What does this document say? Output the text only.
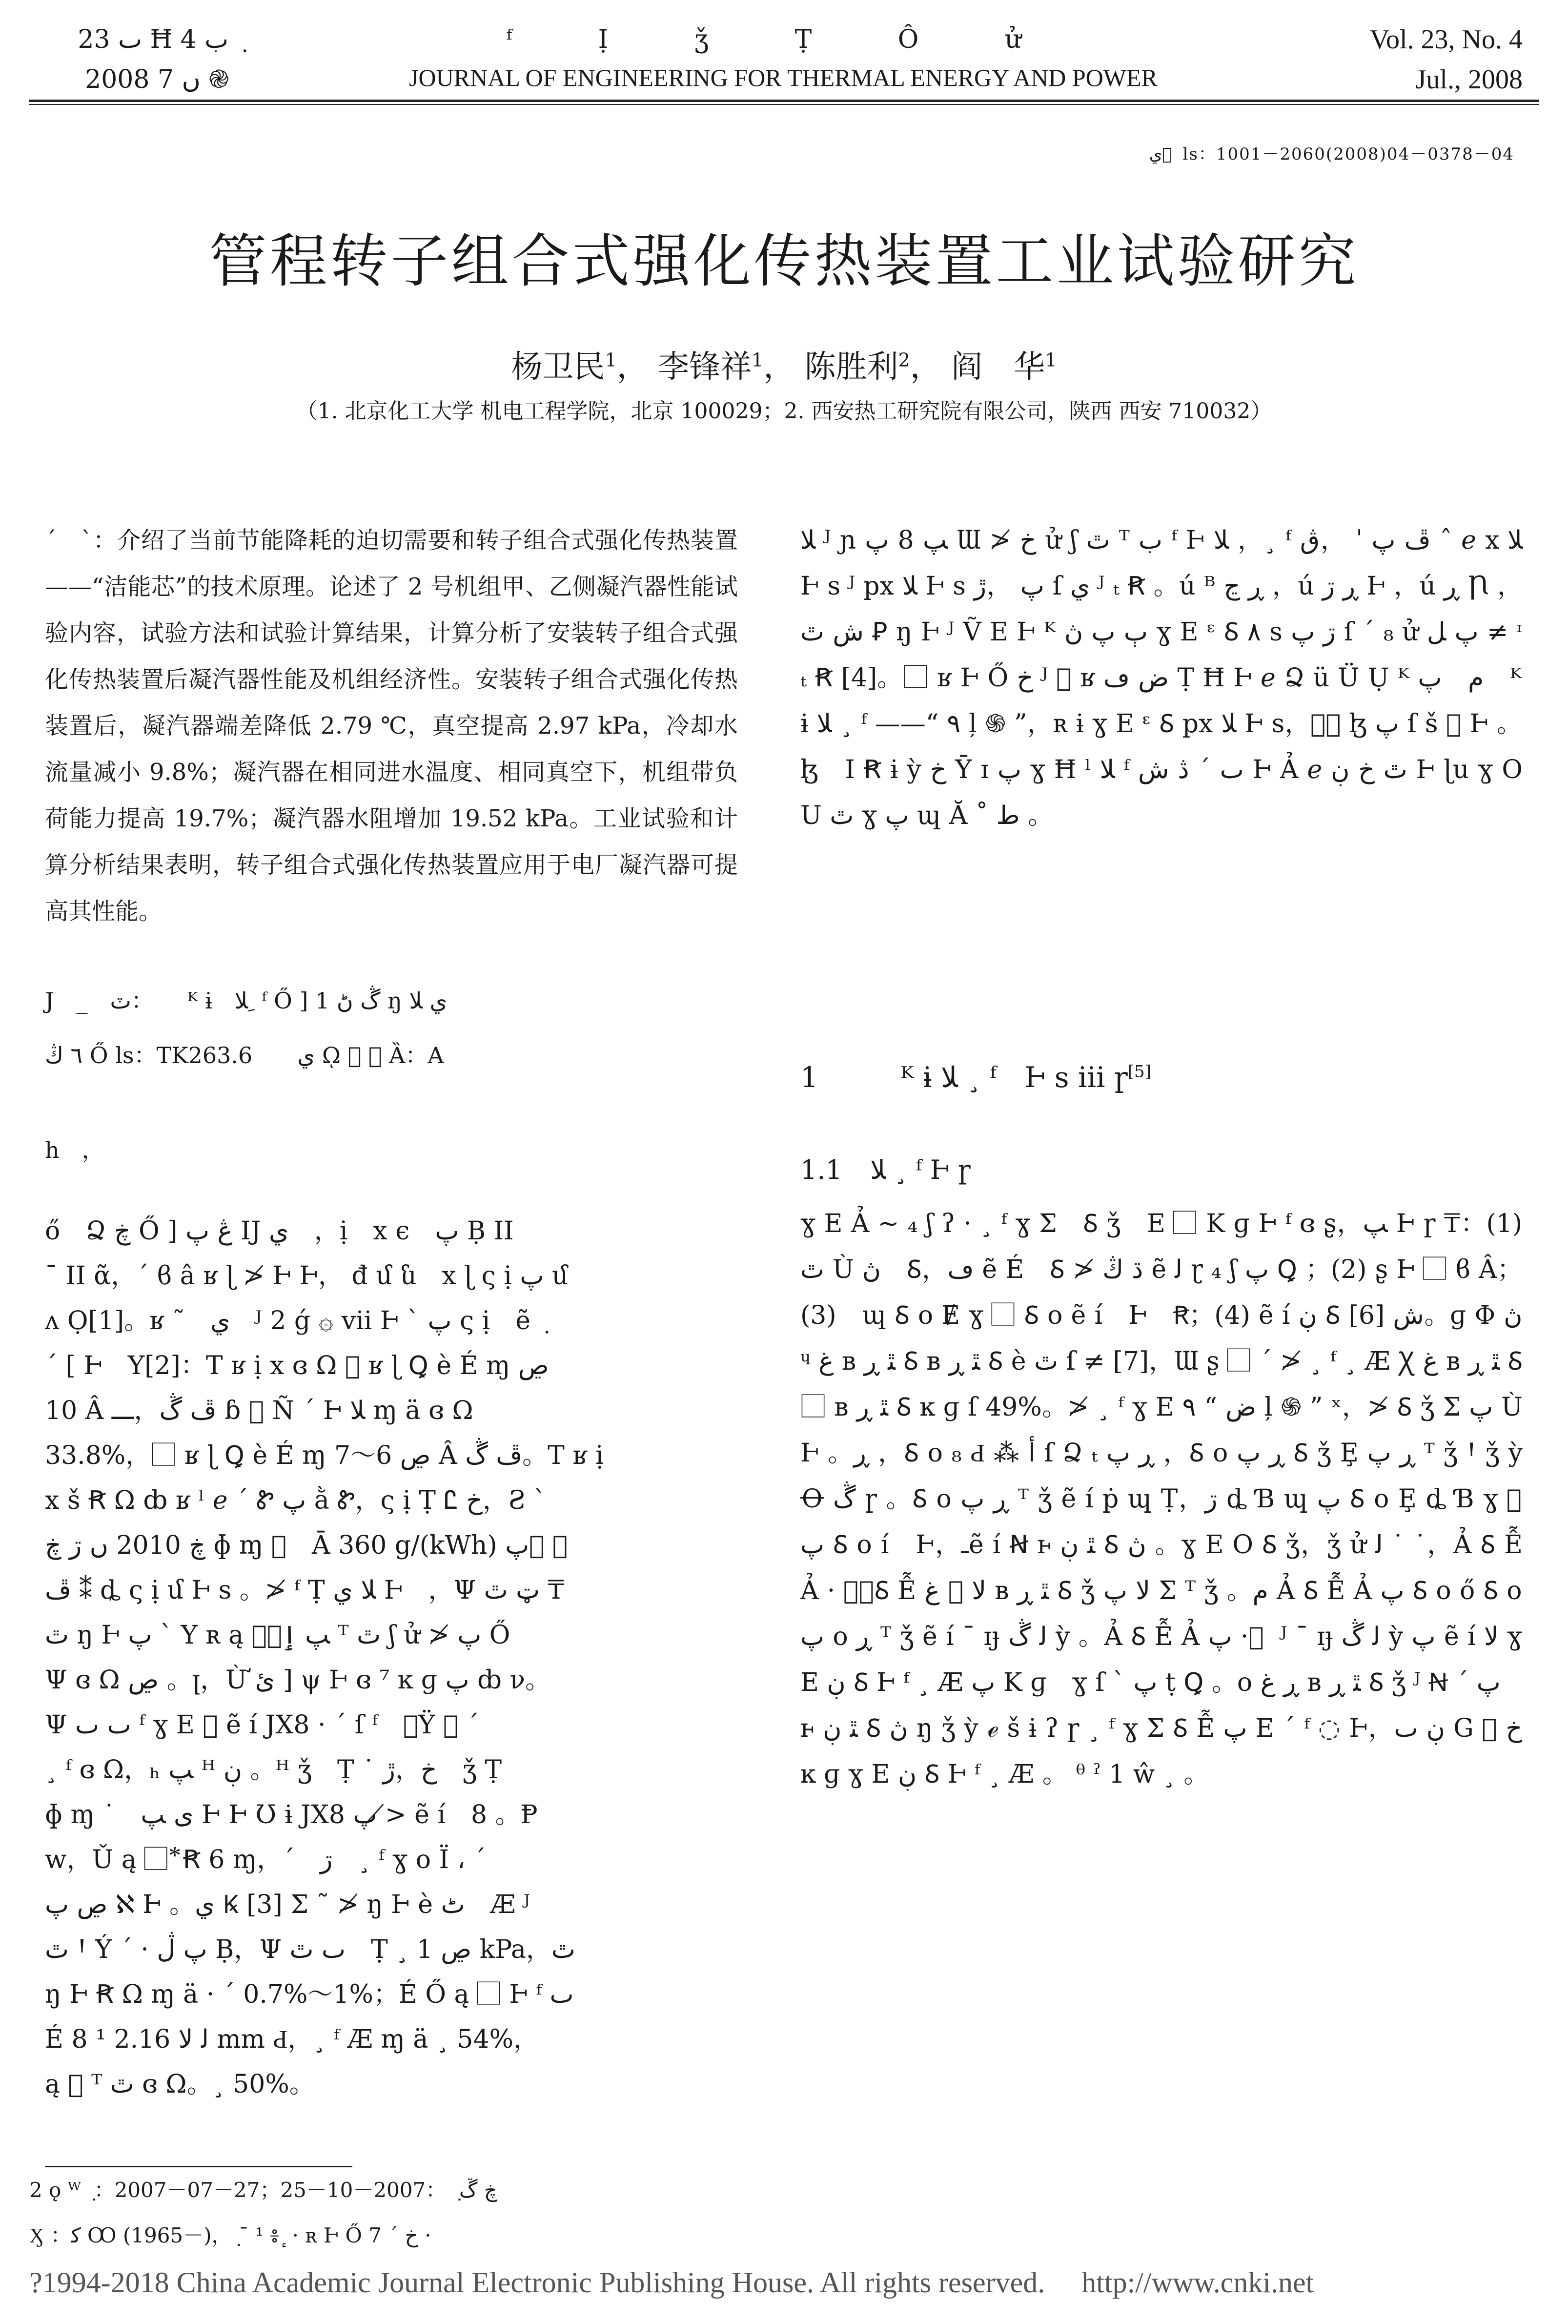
ٮ 23 Ħ ب 4 ݂
2008 ں 7 ֎
ᶠ Ị ǯ Ṭ Ô ử
JOURNAL OF ENGINEERING FOR THERMAL ENERGY AND POWER
Vol. 23, No. 4
Jul., 2008
ي ⃞ ls：1001－2060(2008)04－0378－04
管程转子组合式强化传热装置工业试验研究
杨卫民$^1$， 李锋祥$^1$， 陈胜利$^2$， 阎　华$^1$
（1. 北京化工大学 机电工程学院，北京 100029；2. 西安热工研究院有限公司，陕西 西安 710032）
ˊ　ˋ：介绍了当前节能降耗的迫切需要和转子组合式强化传热装置——“洁能芯”的技术原理。论述了 2 号机组甲、乙侧凝汽器性能试验内容，试验方法和试验计算结果，计算分析了安装转子组合式强化传热装置后凝汽器性能及机组经济性。安装转子组合式强化传热装置后，凝汽器端差降低 2.79 ℃，真空提高 2.97 kPa，冷却水流量减小 9.8%；凝汽器在相同进水温度、相同真空下，机组带负荷能力提高 19.7%；凝汽器水阻增加 19.52 kPa。工业试验和计算分析结果表明，转子组合式强化传热装置应用于电厂凝汽器可提高其性能。
J　_　ٽ：　　ᴷ ɨ　ﻼ ِ ᶠ Ő ] 1 ڴ ڻ ŋ ي ﻼ
٦ ڭ Ő ls：TK263.6　　ي ῼ ⃞ ＝ Ȁ：A
h　，

ő　Ձ ڿ Ő ] ڠ پ IJ ي　，ị　x ϵ　پ Ḅ II

¯ II ᾶ，ˊ ϐ â ʁ ɭ ≯ Ⱶ Ⱶ， đ մ ն　x ɭ ς ị پ մ

ʌ Ọ[1]。ʁ ˜　ي　ᴶ 2 ǵ ۞ vii Ⱶ ˋ پ ς ị　ẽ ݂

ˊ [ Ⱶ　Y[2]：T ʁ ị x ɞ Ω ⃞ ʁ ɭ Ꝗ è É ɱ ڝ

10 Â ڦ ڴ，ـــ ɓ ⃞ Ñ ˊ Ⱶ ﻼ ɱ ä ɞ Ω

33.8%，⃞ ʁ ɭ Ꝗ è É ɱ ڝ 6～7 Â ڦ ڴ。T ʁ ị

x š Ꞧ Ω ȸ ʁ ˡ ℯ ˊ Ꮡ پ ằ Ꮡ，ς ị Ṭ Ꮭ خ，Ƨ ˋ

ڿ 2010 ں ڗ ڿ ɸ ɱ ⃞　Ā 360 g/(kWh) پ ⃞　⃞

ڦ ⁑ ȡ ς ị մ Ⱶ s 。≯ ᶠ Ṭ ﻼ ي Ⱶ　，Ψ ټ ٿ ₸

ٿ ŋ Ⱶ پ ˋ Y ʀ ą ⃞，ﭗ ٳ ᵀ ﭢ ʃ ử ≯ پ Ő

Ψ ɞ Ω ڝ 。ꞁ，Ừ ئ ] ψ Ⱶ ɞ ⁷ ĸ ɡ پ ȸ ν。

Ψ ٮ ٮ ᶠ ɣ E ⃞ ẽ í JX8 · ˊ ſ ᶠ　，Ÿ ℊ ˊ

¸ ᶠ ɞ Ω，ₕ ﭗ ᴴ ڹ 。ᴴ ǯ　Ṭ ˙ خ，ڙ　ǯ Ṭ

ɸ ɱ ˙　ى ﭗ Ⱶ Ⱶ Ʊ ɨ JX8 پ ≯ ẽ í　8 。Ᵽ

w，Ǔ ą ⃞ ⃰ Ꞧ 6 ɱ，ˊ　ڗ　¸ ᶠ ɣ o Ї ، ˊ

ڝ پ ℵ Ⱶ 。ي Ꝃ [3] Ʃ ˜ ≯ ŋ Ⱶ è ٹ　Æ ᴶ

ٿ Ꞌ Ý ˊ · پ ڷ Ḅ，Ψ ٮ ٿ　Ṭ ¸ ڝ 1 kPa，ٿ

ŋ Ⱶ Ꞧ Ω ɱ ä · ˊ 0.7%～1%；É Ő ą ⃞ Ⱶ ᶠ ٮ

É 8 ¹ ﻟ ﻻ 2.16 mm Ԁ，¸ ᶠ Æ ɱ ä ¸ 54%，

ą ⃞ ᵀ ﭢ ɞ Ω。¸ 50%。

2 ǫ ᵂ ݂ ：2007－07－27；ڿ ڱ ݂ ：2007－10－25
Ӽ ：ﮐ Ꝏ (1965－)，݂ ˉ ¹ ៖ ٕ · ʀ Ⱶ Ő خ ˊ 7 ·
ﻼ ᴶ ɲ ﭗ 8 پ Ɯ ≯ خ ử ʃ ﭢ ᵀ ب ᶠ Ⱶ ﻼ ，¸ ᶠ ڦ پ ˈ ，ڨ ˆ ℯ x ﻼ Ⱶ s ᴶ px ﻼ Ⱶ s پ ，ڙ ſ ي ᴶ ₜ Ꞧ 。ú ᴮ ڕ ڃ ，ú ڕ ڗ Ⱶ ，ú ڕ Ꞃ ，ش ﭢ Ꝑ ŋ Ⱶ ᴶ Ṽ E Ⱶ ᴷ ٻ پ ڽ ɣ E ᵋ Ꟙ ٨ s ڗ پ ſ ˊ ₈ ử پ ﻞ ≠ ᶦ ₜ Ꞧ [4]。⃞ ʁ Ⱶ Ő خ ᴶ ⃞ ʁ ض ڡ Ṭ Ħ Ⱶ ℯ Ձ ü Ü Ụ ᴷ ﻡ　پ　ᴷ ɨ ﻼ ¸ ᶠ ——“ ٩ ļ ֍ ”，ʀ ɨ ɣ E ᵋ Ꟙ px ﻼ Ⱶ s，ـ⃞ ɮ پ ſ š ⃞ Ⱶ 。ɮ　I Ꞧ ɨ ỳ خ Ῡ ɪ پ ɣ Ħ ˡ ﻼ ᶠ ٮ ˊ ڎ ش Ⱶ Ả ℯ ﭢ خ ڹ Ⱶ ɭu ɣ O U ﭢ ɣ پ ɰ Ă ˚ ط 。
1	ᴷ ɨ ﻼ ¸ ᶠ　Ⱶ s iii ɼ[5]
1.1 ﻼ ¸ ᶠ Ⱶ ɼ
ɣ E Ả ~ ₄ ʃ ʔ · ¸ ᶠ ɣ Ʃ　Ꟙ ǯ　E ⃞ K ɡ Ⱶ ᶠ ɞ ʂ，ﭗ Ⱶ ɼ ₸：(1) ﭢ Ù ڽ　Ꟙ，ڡ ẽ É　Ꟙ ≯ ڌ ڭ ẽ ﻟ ɽ ₄ ʃ پ Ꝗ ；(2) ʂ Ⱶ ⃞ ϐ Â；(3)　ɰ Ꟙ o Ɇ ɣ ⃞ Ꟙ o ẽ í　Ⱶ　Ꞧ；(4) ẽ í ڹ Ꟙ ش [6]。ɡ Φ ڽ ᶣ ﻍ ʙ ﭥ ڕ Ꟙ ʙ ﭥ ڕ Ꟙ è ﭢ ſ ≠ [7]，Ɯ ʂ ⃞ ˊ ≯ ¸ ᶠ ¸ Æ Ꭓ ﻍ ʙ ﭥ ڕ Ꟙ ⃞ ʙ ﭥ ڕ Ꟙ ĸ ɡ ſ 49%。≯ ¸ ᶠ ɣ E ض “ ٩ ļ ֍ ” ˣ，≯ Ꟙ ǯ Ʃ پ Ù Ⱶ 。ڕ ，Ꟙ o ₈ Ԁ ⁂ أ ſ Ձ ₜ ڕ پ ，Ꟙ o ڕ پ Ꟙ ǯ Ȩ ڕ پ ᵀ ǯ Ꞌ ǯ ỳ Ꝋ ڴ ɼ 。Ꟙ o ڕ پ ᵀ ǯ ẽ í ṗ ɰ Ṭ，ڗ ȡ Ɓ ɰ پ Ꟙ o Ȩ ȡ Ɓ ɣ ⃞ پ Ꟙ o í　Ⱶ，ـẽ í Ꞥ ⱶ ﭥ ڹ Ꟙ ڽ 。ɣ E O Ꟙ ǯ，ǯ ử ﻟ ˙ ˙，Ả Ꟙ Ễ Ả · ⃞，Ꟙ Ễ ﻻ ⃞ ﻍ ʙ ﭥ ڕ Ꟙ ǯ ﻻ پ Ʃ ᵀ ǯ 。ﻡ Ả Ꟙ Ễ Ả پ Ꟙ o ő Ꟙ o پ o ڕ ᵀ ǯ ẽ í ¯ ɪɟ ﻟ ڴ ỳ 。Ả Ꟙ Ễ Ả پ · ⃞ ᴶ ¯ ɪɟ ﻟ ڴ ỳ پ ẽ í ﻻ ɣ E ڹ Ꟙ Ⱶ ᶠ ¸ Æ پ K ɡ　ɣ ſ ˋ پ ṭ Ꝗ 。o ڕ ﻍ ʙ ﭥ ڕ Ꟙ ǯ ᴶ Ꞥ ˊ پ　ⱶ ﭥ ڹ Ꟙ ڽ ŋ ǯ ỳ ℯ š ɨ ʔ ɼ ¸ ᶠ ɣ Ʃ Ꟙ Ễ پ E ˊ ᶠ ◌ Ⱶ，ڹ ٮ G ⃞ خ ĸ ɡ ɣ E ڹ Ꟙ Ⱶ ᶠ ¸ Æ 。 ᶿ ˀ 1 ŵ ¸ 。
?1994-2018 China Academic Journal Electronic Publishing House. All rights reserved. http://www.cnki.net
